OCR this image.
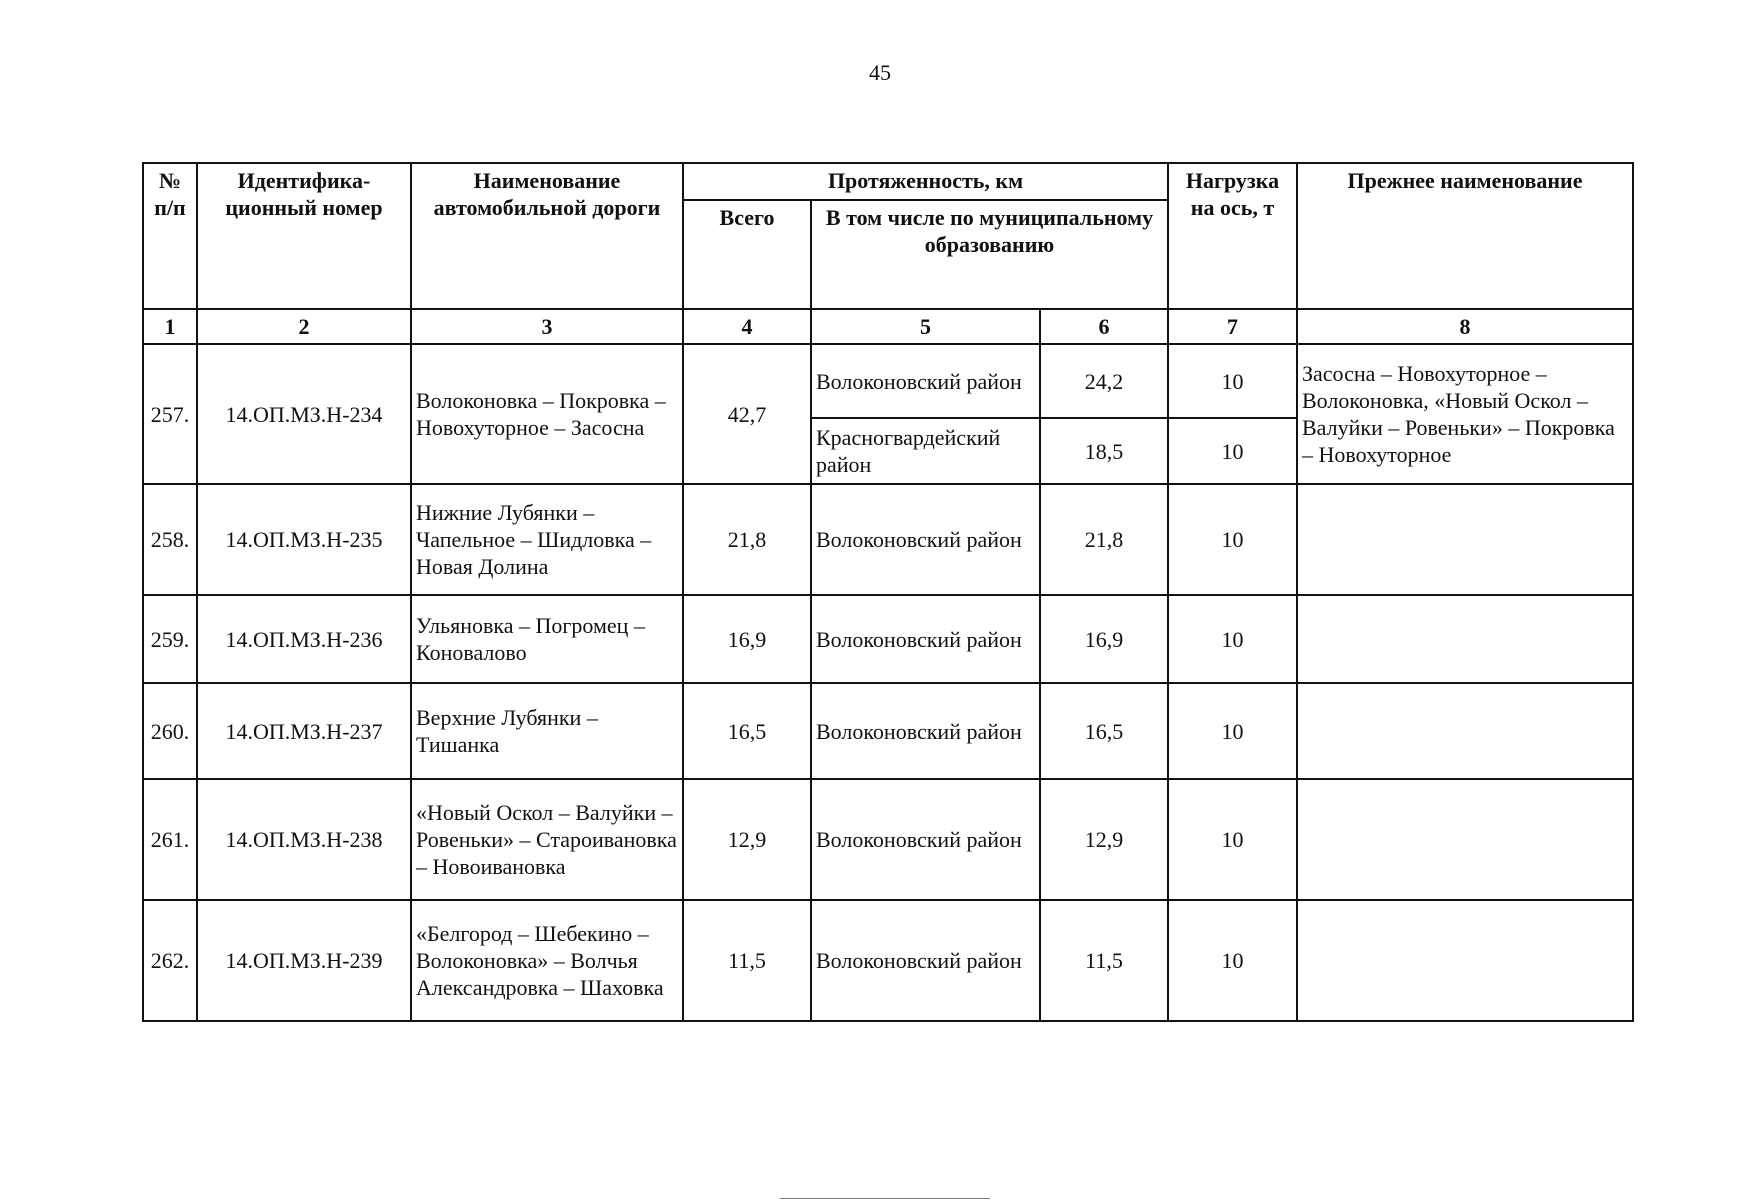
45
№ п/п	Идентифика-ционный номер	Наименование автомобильной дороги	Протяженность, км			Нагрузка на ось, т	Прежнее наименование
			Всего	В том числе по муниципальному образованию			
1	2	3	4	5	6	7	8
257.	14.ОП.МЗ.Н-234	Волоконовка – Покровка – Новохуторное – Засосна	42,7	Волоконовский район	24,2	10	Засосна – Новохуторное – Волоконовка, «Новый Оскол – Валуйки – Ровеньки» – Покровка – Новохуторное
				Красногвардейский район	18,5	10	
258.	14.ОП.МЗ.Н-235	Нижние Лубянки – Чапельное – Шидловка – Новая Долина	21,8	Волоконовский район	21,8	10	
259.	14.ОП.МЗ.Н-236	Ульяновка – Погромец – Коновалово	16,9	Волоконовский район	16,9	10	
260.	14.ОП.МЗ.Н-237	Верхние Лубянки – Тишанка	16,5	Волоконовский район	16,5	10	
261.	14.ОП.МЗ.Н-238	«Новый Оскол – Валуйки – Ровеньки» – Староивановка – Новоивановка	12,9	Волоконовский район	12,9	10	
262.	14.ОП.МЗ.Н-239	«Белгород – Шебекино – Волоконовка» – Волчья Александровка – Шаховка	11,5	Волоконовский район	11,5	10	
